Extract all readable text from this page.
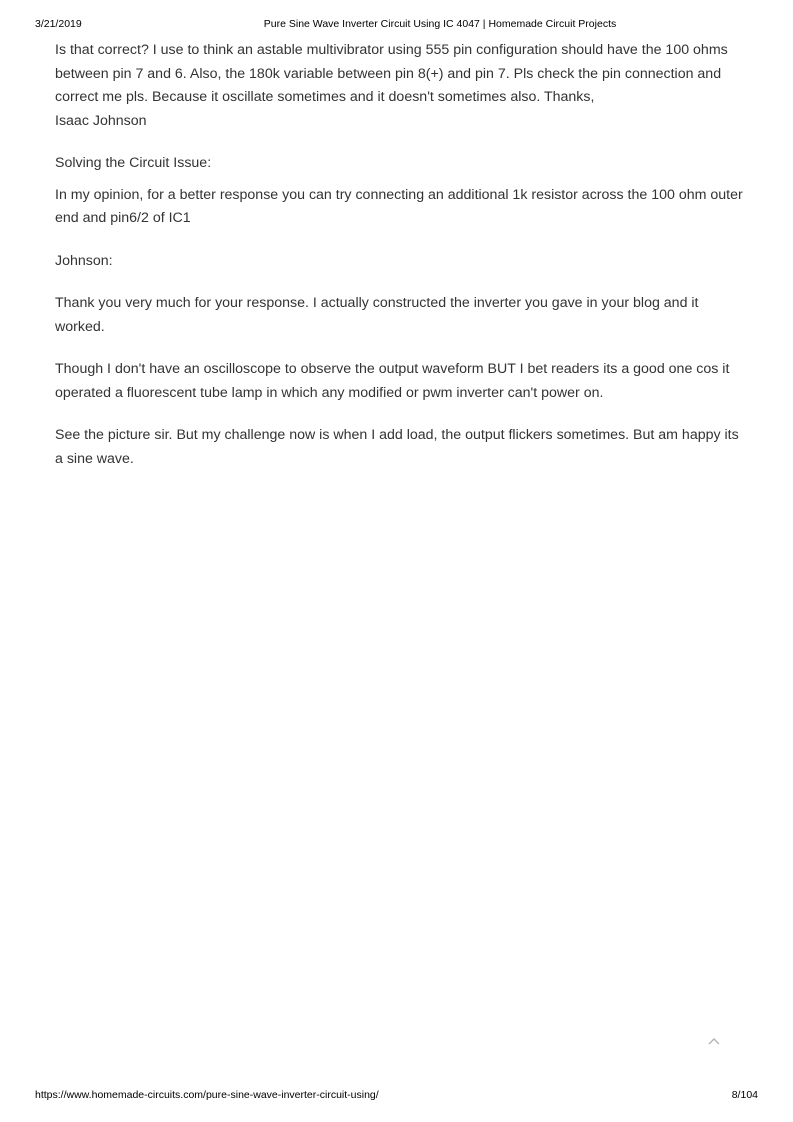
3/21/2019	Pure Sine Wave Inverter Circuit Using IC 4047 | Homemade Circuit Projects

Is that correct? I use to think an astable multivibrator using 555 pin configuration should have the 100 ohms between pin 7 and 6. Also, the 180k variable between pin 8(+) and pin 7. Pls check the pin connection and correct me pls. Because it oscillate sometimes and it doesn't sometimes also. Thanks,
Isaac Johnson

Solving the Circuit Issue:

In my opinion, for a better response you can try connecting an additional 1k resistor across the 100 ohm outer end and pin6/2 of IC1

Johnson:

Thank you very much for your response. I actually constructed the inverter you gave in your blog and it worked.

Though I don't have an oscilloscope to observe the output waveform BUT I bet readers its a good one cos it operated a fluorescent tube lamp in which any modified or pwm inverter can't power on.

See the picture sir. But my challenge now is when I add load, the output flickers sometimes. But am happy its a sine wave.

https://www.homemade-circuits.com/pure-sine-wave-inverter-circuit-using/	8/104
